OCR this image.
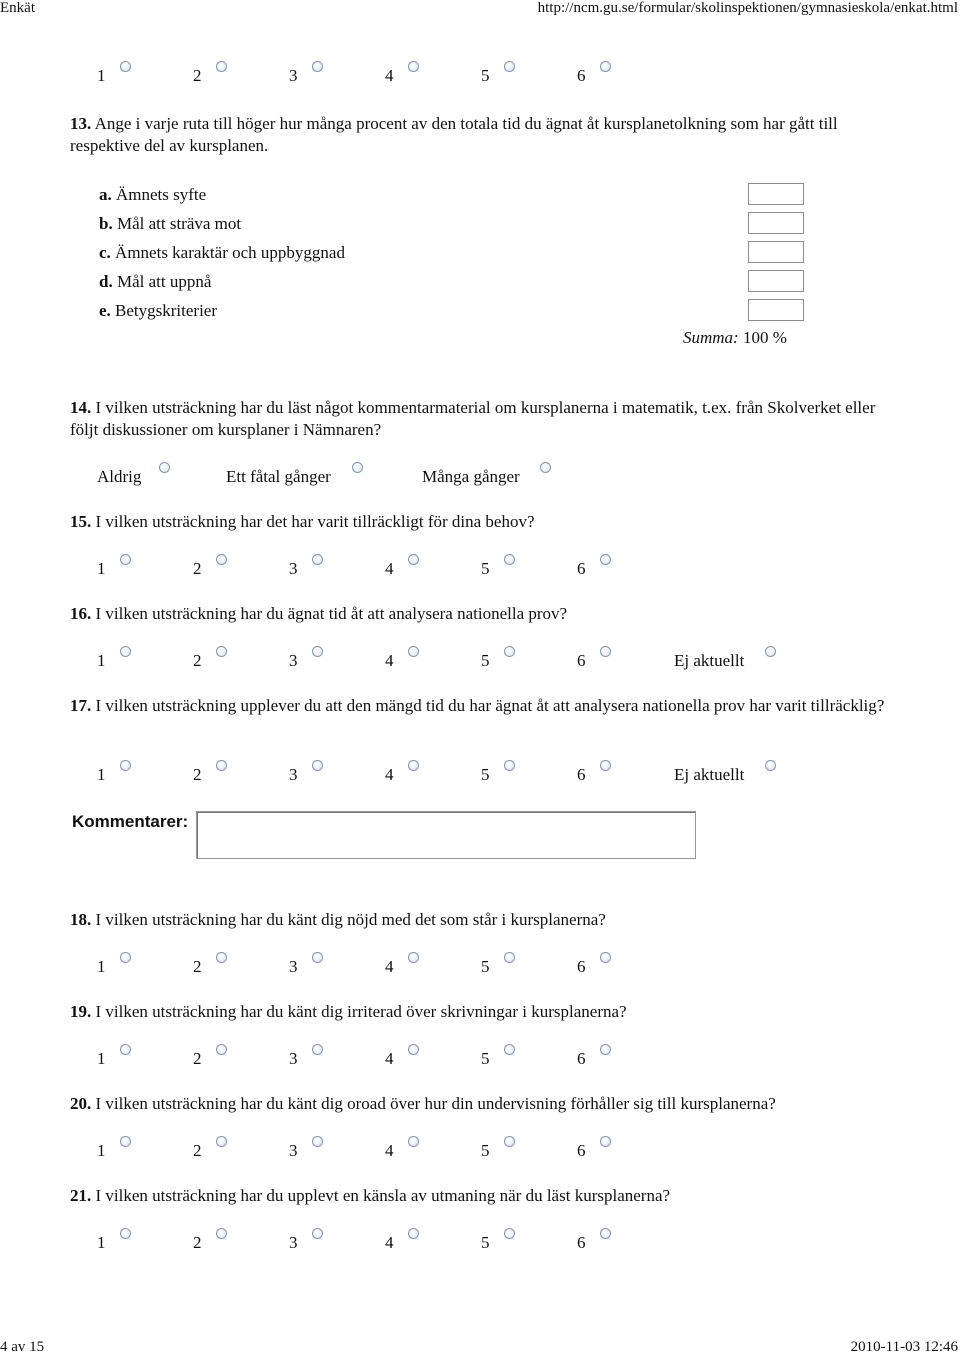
Enkät	http://ncm.gu.se/formular/skolinspektionen/gymnasieskola/enkat.html
4 av 15	2010-11-03 12:46
1	2	3	4	5	6
13. Ange i varje ruta till höger hur många procent av den totala tid du ägnat åt kursplanetolkning som har gått till respektive del av kursplanen.
a. Ämnets syfte
b. Mål att sträva mot
c. Ämnets karaktär och uppbyggnad
d. Mål att uppnå
e. Betygskriterier
Summa: 100 %
14. I vilken utsträckning har du läst något kommentarmaterial om kursplanerna i matematik, t.ex. från Skolverket eller följt diskussioner om kursplaner i Nämnaren?
Aldrig	Ett fåtal gånger	Många gånger
15. I vilken utsträckning har det har varit tillräckligt för dina behov?
1	2	3	4	5	6
16. I vilken utsträckning har du ägnat tid åt att analysera nationella prov?
1	2	3	4	5	6	Ej aktuellt
17. I vilken utsträckning upplever du att den mängd tid du har ägnat åt att analysera nationella prov har varit tillräcklig?
1	2	3	4	5	6	Ej aktuellt
Kommentarer:
18. I vilken utsträckning har du känt dig nöjd med det som står i kursplanerna?
1	2	3	4	5	6
19. I vilken utsträckning har du känt dig irriterad över skrivningar i kursplanerna?
1	2	3	4	5	6
20. I vilken utsträckning har du känt dig oroad över hur din undervisning förhåller sig till kursplanerna?
1	2	3	4	5	6
21. I vilken utsträckning har du upplevt en känsla av utmaning när du läst kursplanerna?
1	2	3	4	5	6
